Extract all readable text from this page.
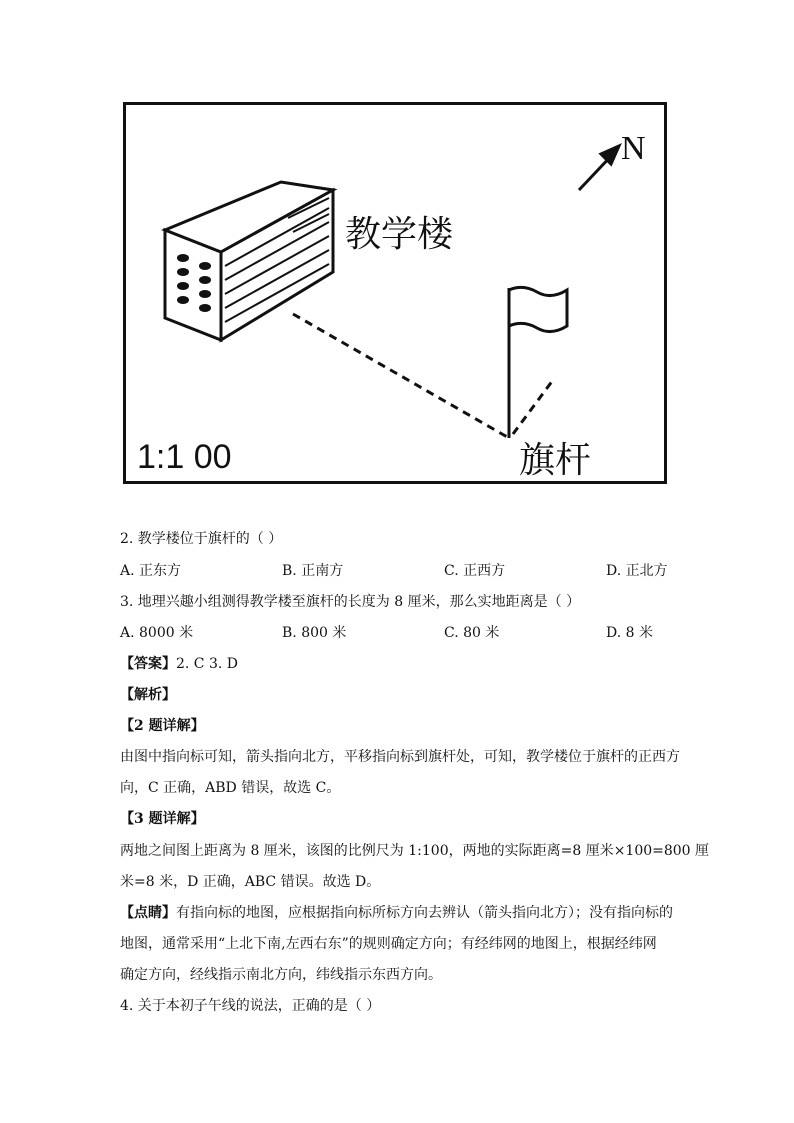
教学楼
旗杆
1:1 00
N
2. 教学楼位于旗杆的（ ）
A. 正东方	B. 正南方	C. 正西方	D. 正北方
3. 地理兴趣小组测得教学楼至旗杆的长度为 8 厘米，那么实地距离是（ ）
A. 8000 米	B. 800 米	C. 80 米	D. 8 米
【答案】2. C 3. D
【解析】
【2 题详解】
由图中指向标可知，箭头指向北方，平移指向标到旗杆处，可知，教学楼位于旗杆的正西方
向，C 正确，ABD 错误，故选 C。
【3 题详解】
两地之间图上距离为 8 厘米，该图的比例尺为 1:100，两地的实际距离=8 厘米×100=800 厘
米=8 米，D 正确，ABC 错误。故选 D。
【点睛】有指向标的地图，应根据指向标所标方向去辨认（箭头指向北方）；没有指向标的
地图，通常采用“上北下南,左西右东”的规则确定方向；有经纬网的地图上，根据经纬网
确定方向，经线指示南北方向，纬线指示东西方向。
4. 关于本初子午线的说法，正确的是（ ）
